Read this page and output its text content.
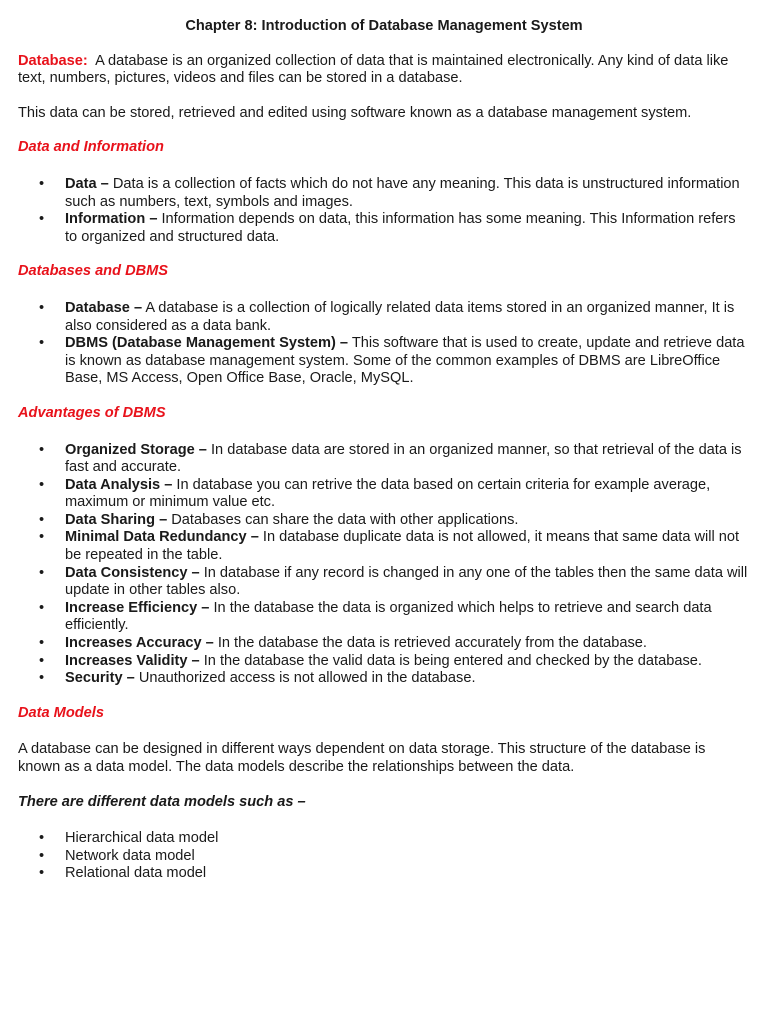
Chapter 8: Introduction of Database Management System

Database: A database is an organized collection of data that is maintained electronically. Any kind of data like text, numbers, pictures, videos and files can be stored in a database.

This data can be stored, retrieved and edited using software known as a database management system.

Data and Information
• Data – Data is a collection of facts which do not have any meaning. This data is unstructured information such as numbers, text, symbols and images.
• Information – Information depends on data, this information has some meaning. This Information refers to organized and structured data.
Databases and DBMS
• Database – A database is a collection of logically related data items stored in an organized manner, It is also considered as a data bank.
• DBMS (Database Management System) – This software that is used to create, update and retrieve data is known as database management system. Some of the common examples of DBMS are LibreOffice Base, MS Access, Open Office Base, Oracle, MySQL.
Advantages of DBMS
• Organized Storage – In database data are stored in an organized manner, so that retrieval of the data is fast and accurate.
• Data Analysis – In database you can retrive the data based on certain criteria for example average, maximum or minimum value etc.
• Data Sharing – Databases can share the data with other applications.
• Minimal Data Redundancy – In database duplicate data is not allowed, it means that same data will not be repeated in the table.
• Data Consistency – In database if any record is changed in any one of the tables then the same data will update in other tables also.
• Increase Efficiency – In the database the data is organized which helps to retrieve and search data efficiently.
• Increases Accuracy – In the database the data is retrieved accurately from the database.
• Increases Validity – In the database the valid data is being entered and checked by the database.
• Security – Unauthorized access is not allowed in the database.
Data Models

A database can be designed in different ways dependent on data storage. This structure of the database is known as a data model. The data models describe the relationships between the data.

There are different data models such as –
• Hierarchical data model
• Network data model
• Relational data model
